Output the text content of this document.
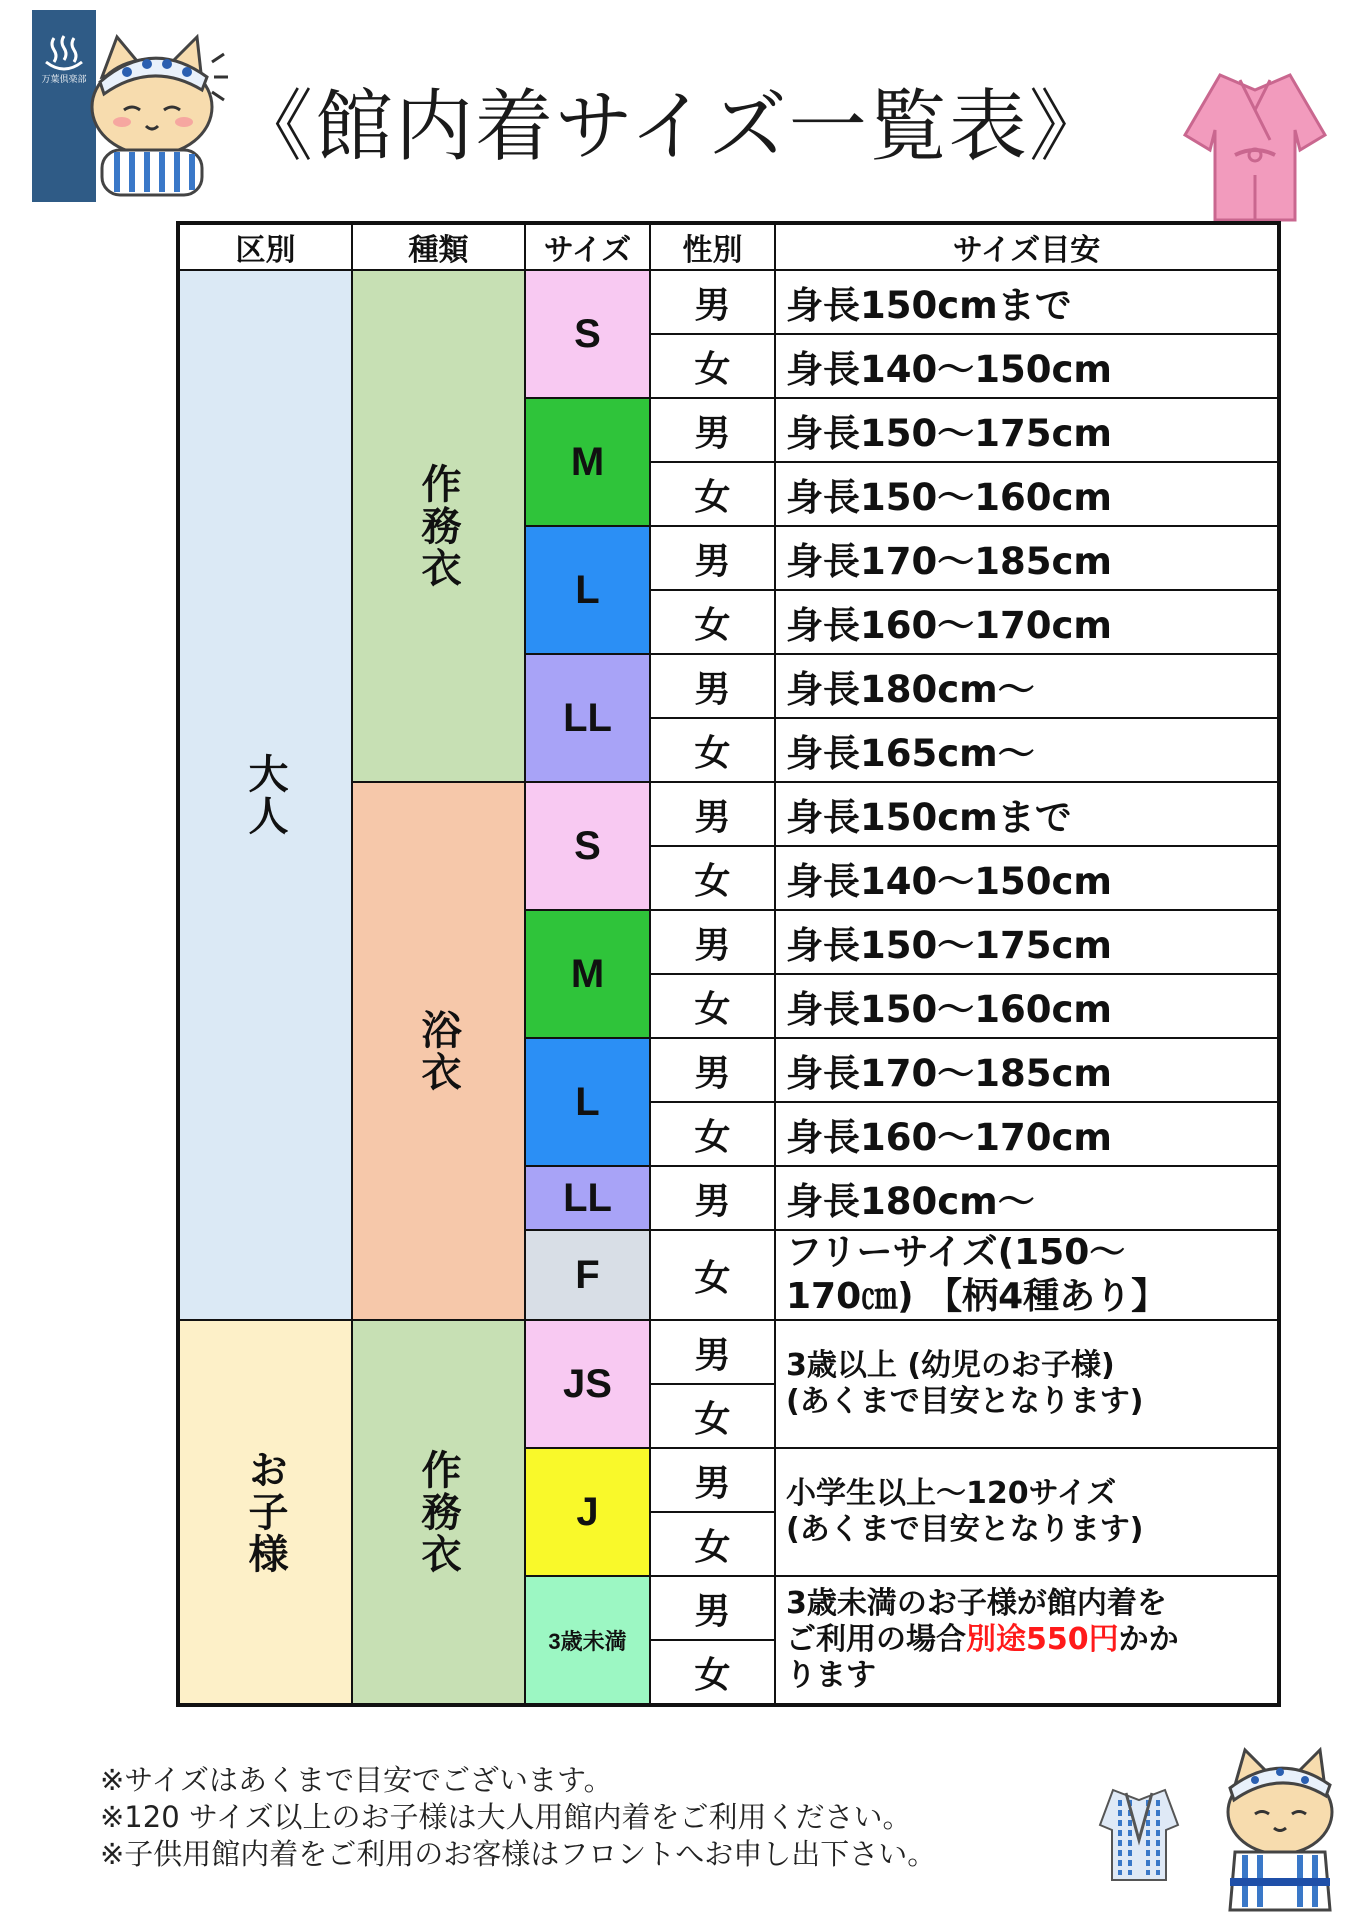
万葉倶楽部
《館内着サイズ一覧表》
区別	種類	サイズ	性別	サイズ目安
大人	作務衣	S	男	身長150cmまで
			女	身長140〜150cm
		M	男	身長150〜175cm
			女	身長150〜160cm
		L	男	身長170〜185cm
			女	身長160〜170cm
		LL	男	身長180cm〜
			女	身長165cm〜
	浴衣	S	男	身長150cmまで
			女	身長140〜150cm
		M	男	身長150〜175cm
			女	身長150〜160cm
		L	男	身長170〜185cm
			女	身長160〜170cm
		LL	男	身長180cm〜
		F	女	フリーサイズ(150〜
170㎝) 【柄4種あり】

お子様	作務衣	JS	男	3歳以上 (幼児のお子様)
(あくまで目安となります)

			女	
		J	男	小学生以上〜120サイズ
(あくまで目安となります)

			女	
		3歳未満	男	3歳未満のお子様が館内着を
ご利用の場合別途550円かか
ります

			女	
※サイズはあくまで目安でございます。
※120 サイズ以上のお子様は大人用館内着をご利用ください。
※子供用館内着をご利用のお客様はフロントへお申し出下さい。
